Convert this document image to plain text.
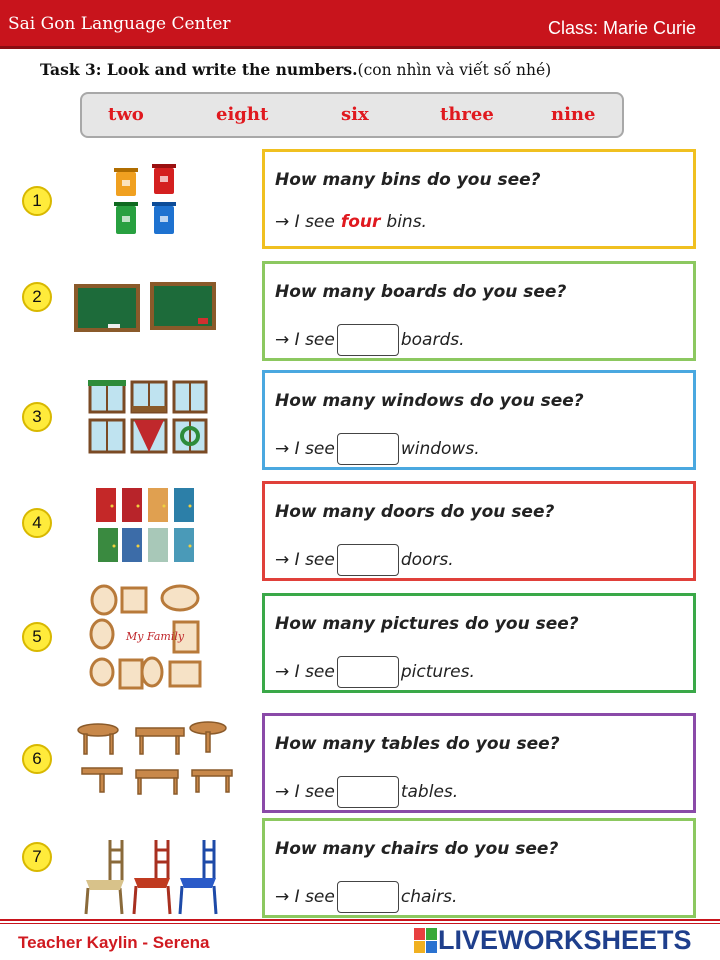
Sai Gon Language Center	Class: Marie Curie
Task 3: Look and write the numbers.(con nhìn và viết số nhé)
two	eight	six	three	nine
1
How many bins do you see?
→ I see four bins.
2	How many boards do you see?
→ I see	boards.
3
How many windows do you see?
→ I see	windows.
4
How many doors do you see?
→ I see	doors.
5	My Family
How many pictures do you see?
→ I see	pictures.
6
How many tables do you see?
→ I see	tables.
7	How many chairs do you see?
→ I see	chairs.
Teacher Kaylin - Serena	LIVEWORKSHEETS
